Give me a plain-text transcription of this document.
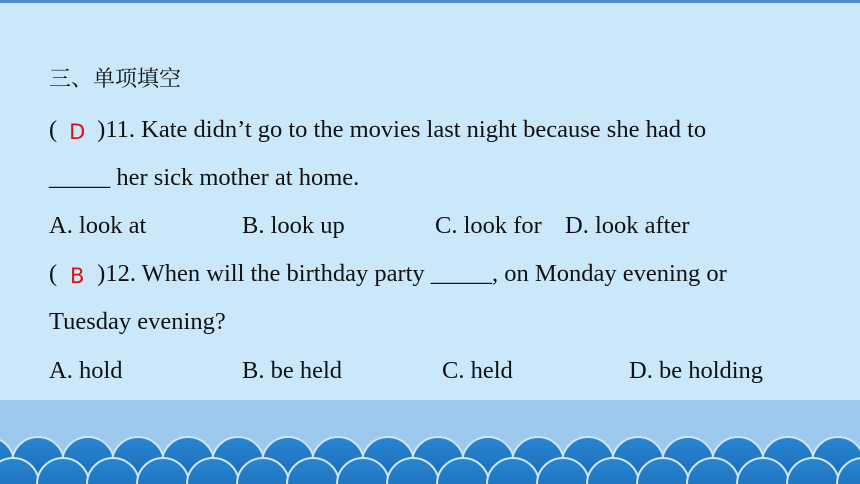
三、单项填空
( D )11. Kate didn’t go to the movies last night because she had to
_____ her sick mother at home.
A. look at	B. look up	C. look for D. look after
( B )12. When will the birthday party _____, on Monday evening or
Tuesday evening?
A. hold	B. be held	C. held	D. be holding
